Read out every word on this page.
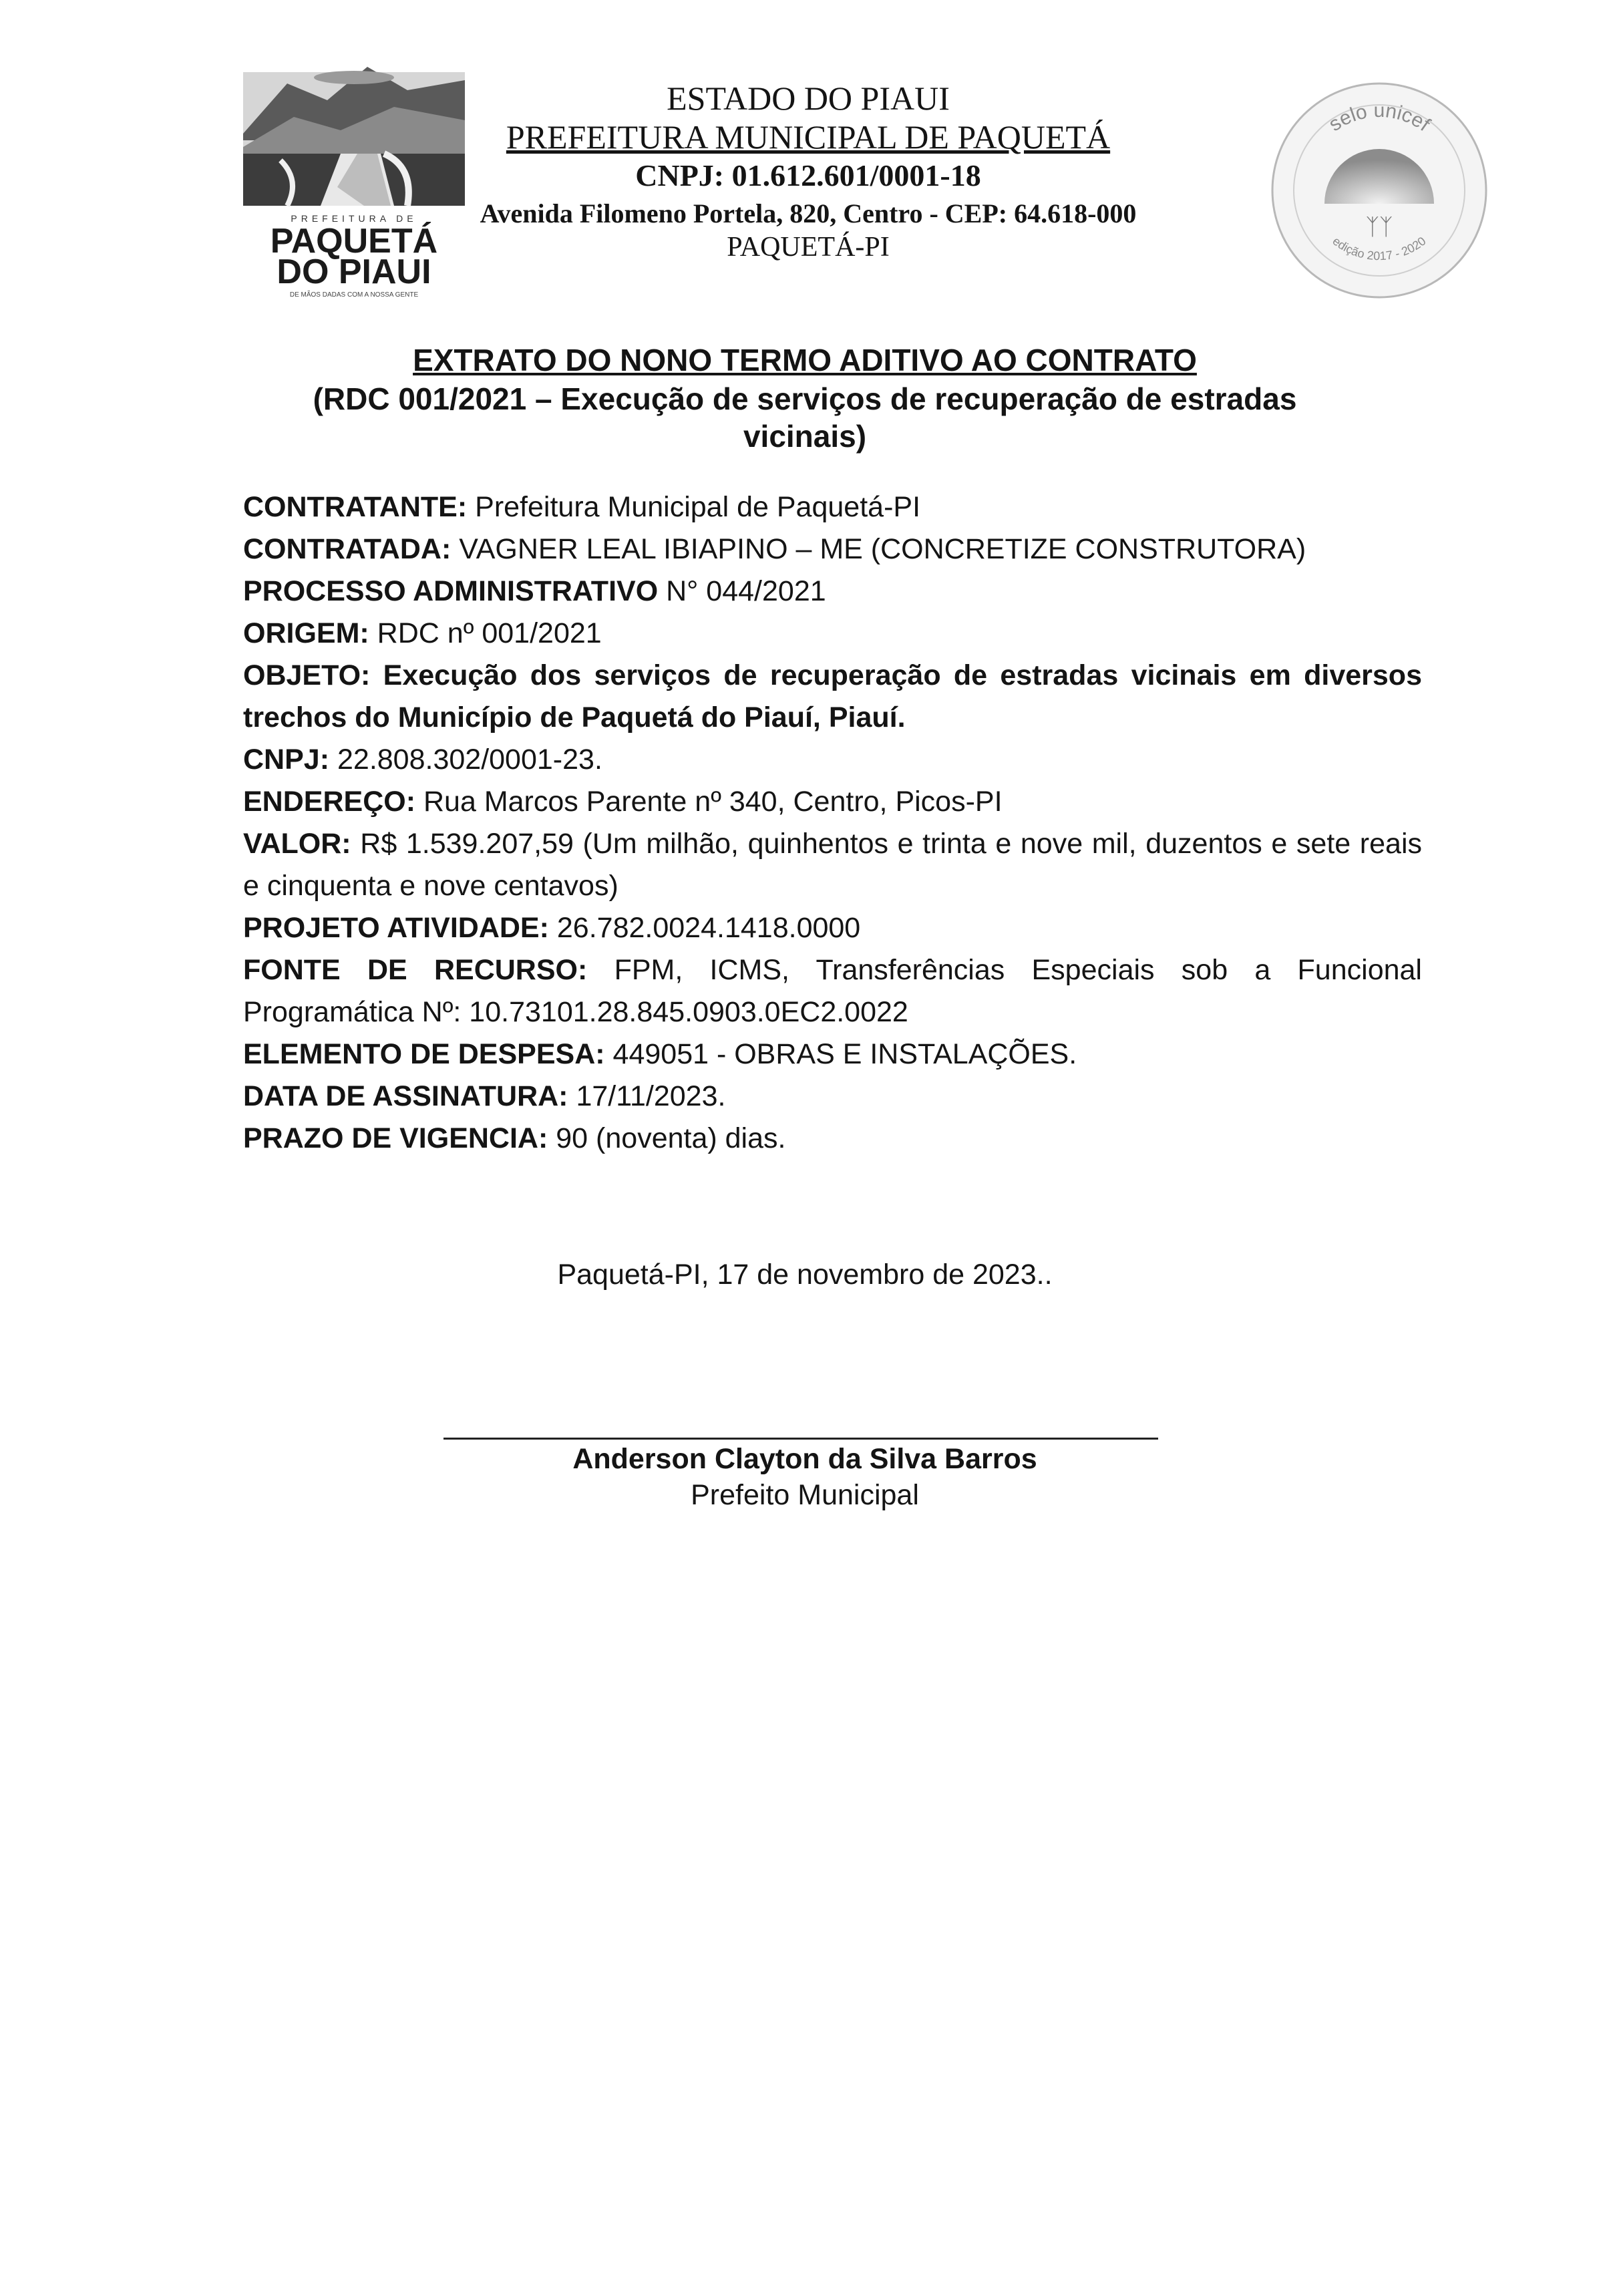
PREFEITURA DE
PAQUETÁ
DO PIAUI
DE MÃOS DADAS COM A NOSSA GENTE
ESTADO DO PIAUI
PREFEITURA MUNICIPAL DE PAQUETÁ
CNPJ: 01.612.601/0001-18
Avenida Filomeno Portela, 820, Centro - CEP: 64.618-000
PAQUETÁ-PI
selo unicef
ᛉᛉ
edição 2017 - 2020
EXTRATO DO NONO TERMO ADITIVO AO CONTRATO
(RDC 001/2021 – Execução de serviços de recuperação de estradas
vicinais)

CONTRATANTE: Prefeitura Municipal de Paquetá-PI

CONTRATADA: VAGNER LEAL IBIAPINO – ME (CONCRETIZE CONSTRUTORA)

PROCESSO ADMINISTRATIVO N° 044/2021

ORIGEM: RDC nº 001/2021

OBJETO: Execução dos serviços de recuperação de estradas vicinais em diversos trechos do Município de Paquetá do Piauí, Piauí.

CNPJ: 22.808.302/0001-23.

ENDEREÇO: Rua Marcos Parente nº 340, Centro, Picos-PI

VALOR: R$ 1.539.207,59 (Um milhão, quinhentos e trinta e nove mil, duzentos e sete reais e cinquenta e nove centavos)

PROJETO ATIVIDADE: 26.782.0024.1418.0000

FONTE DE RECURSO: FPM, ICMS, Transferências Especiais sob a Funcional Programática Nº: 10.73101.28.845.0903.0EC2.0022

ELEMENTO DE DESPESA: 449051 - OBRAS E INSTALAÇÕES.

DATA DE ASSINATURA: 17/11/2023.

PRAZO DE VIGENCIA: 90 (noventa) dias.

Paquetá-PI, 17 de novembro de 2023..
Anderson Clayton da Silva Barros
Prefeito Municipal
